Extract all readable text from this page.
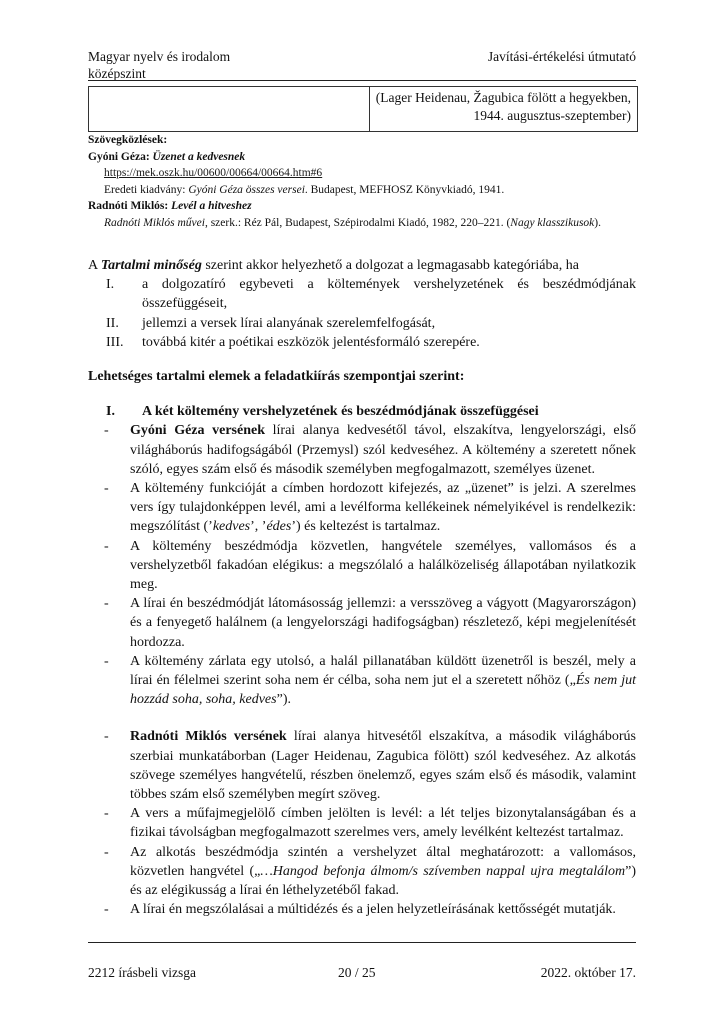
Magyar nyelv és irodalom
középszint
Javítási-értékelési útmutató
(Lager Heidenau, Žagubica fölött a hegyekben,
1944. augusztus-szeptember)
Szövegközlések:
Gyóni Géza: Üzenet a kedvesnek
https://mek.oszk.hu/00600/00664/00664.htm#6
Eredeti kiadvány: Gyóni Géza összes versei. Budapest, MEFHOSZ Könyvkiadó, 1941.
Radnóti Miklós: Levél a hitveshez
Radnóti Miklós művei, szerk.: Réz Pál, Budapest, Szépirodalmi Kiadó, 1982, 220–221. (Nagy klasszikusok).

A Tartalmi minőség szerint akkor helyezhető a dolgozat a legmagasabb kategóriába, ha

I. a dolgozatíró egybeveti a költemények vershelyzetének és beszédmódjának összefüggéseit,
II. jellemzi a versek lírai alanyának szerelemfelfogását,
III. továbbá kitér a poétikai eszközök jelentésformáló szerepére.

Lehetséges tartalmi elemek a feladatkiírás szempontjai szerint:

I. A két költemény vershelyzetének és beszédmódjának összefüggései

- Gyóni Géza versének lírai alanya kedvesétől távol, elszakítva, lengyelországi, első világháborús hadifogságából (Przemysl) szól kedveséhez. A költemény a szeretett nőnek szóló, egyes szám első és második személyben megfogalmazott, személyes üzenet.
- A költemény funkcióját a címben hordozott kifejezés, az „üzenet” is jelzi. A szerelmes vers így tulajdonképpen levél, ami a levélforma kellékeinek némelyikével is rendelkezik: megszólítást (’kedves’, ’édes’) és keltezést is tartalmaz.
- A költemény beszédmódja közvetlen, hangvétele személyes, vallomásos és a vershelyzetből fakadóan elégikus: a megszólaló a halálközeliség állapotában nyilatkozik meg.
- A lírai én beszédmódját látomásosság jellemzi: a versszöveg a vágyott (Magyarországon) és a fenyegető halálnem (a lengyelországi hadifogságban) részletező, képi megjelenítését hordozza.
- A költemény zárlata egy utolsó, a halál pillanatában küldött üzenetről is beszél, mely a lírai én félelmei szerint soha nem ér célba, soha nem jut el a szeretett nőhöz („És nem jut hozzád soha, soha, kedves”).
- Radnóti Miklós versének lírai alanya hitvesétől elszakítva, a második világháborús szerbiai munkatáborban (Lager Heidenau, Zagubica fölött) szól kedveséhez. Az alkotás szövege személyes hangvételű, részben önelemző, egyes szám első és második, valamint többes szám első személyben megírt szöveg.
- A vers a műfajmegjelölő címben jelölten is levél: a lét teljes bizonytalanságában és a fizikai távolságban megfogalmazott szerelmes vers, amely levélként keltezést tartalmaz.
- Az alkotás beszédmódja szintén a vershelyzet által meghatározott: a vallomásos, közvetlen hangvétel („…Hangod befonja álmom/s szívemben nappal ujra megtalálom”) és az elégikusság a lírai én léthelyzetéből fakad.
- A lírai én megszólalásai a múltidézés és a jelen helyzetleírásának kettősségét mutatják.
2212 írásbeli vizsga	20 / 25	2022. október 17.
